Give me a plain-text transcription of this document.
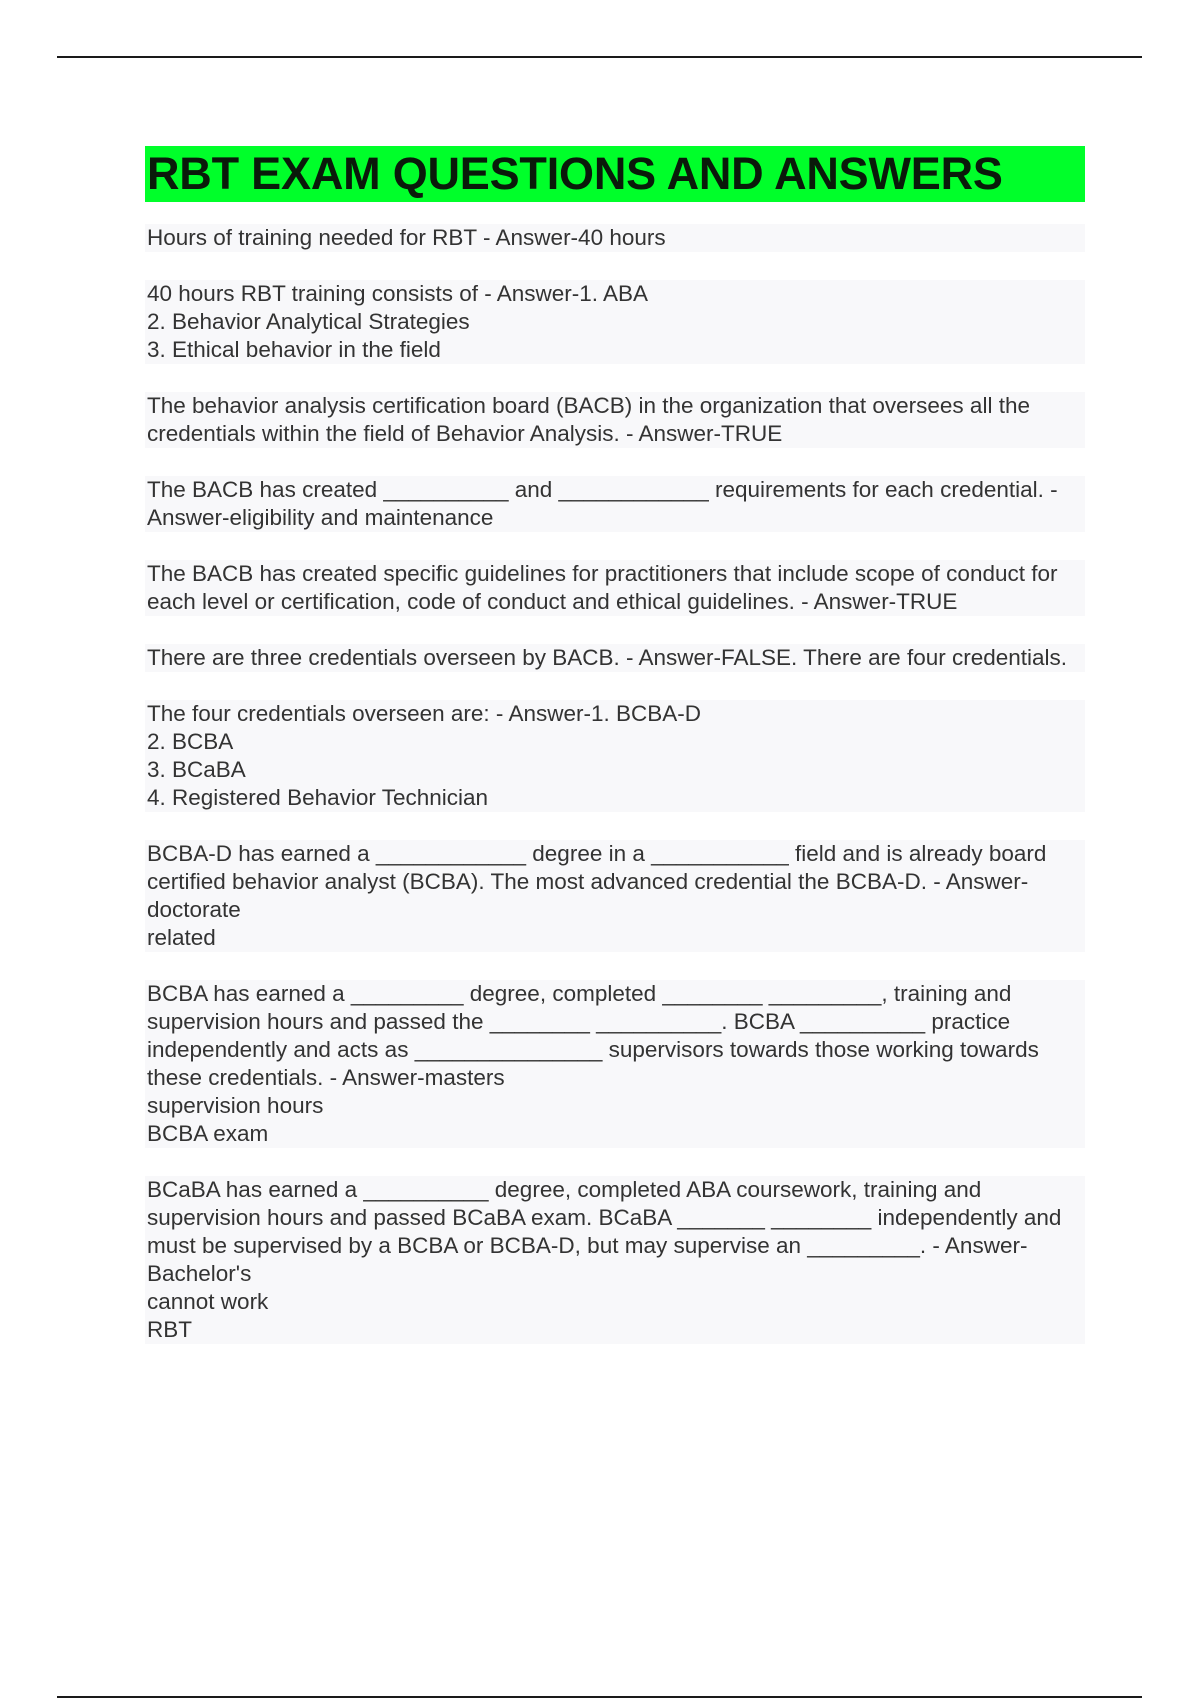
RBT EXAM QUESTIONS AND ANSWERS
Hours of training needed for RBT - Answer-40 hours
40 hours RBT training consists of - Answer-1. ABA
2. Behavior Analytical Strategies
3. Ethical behavior in the field
The behavior analysis certification board (BACB) in the organization that oversees all the credentials within the field of Behavior Analysis. - Answer-TRUE
The BACB has created __________ and ____________ requirements for each credential. - Answer-eligibility and maintenance
The BACB has created specific guidelines for practitioners that include scope of conduct for each level or certification, code of conduct and ethical guidelines. - Answer-TRUE
There are three credentials overseen by BACB. - Answer-FALSE. There are four credentials.
The four credentials overseen are: - Answer-1. BCBA-D
2. BCBA
3. BCaBA
4. Registered Behavior Technician
BCBA-D has earned a ____________ degree in a ___________ field and is already board certified behavior analyst (BCBA). The most advanced credential the BCBA-D. - Answer-doctorate
related
BCBA has earned a _________ degree, completed ________ _________, training and supervision hours and passed the ________ __________. BCBA __________ practice independently and acts as _______________ supervisors towards those working towards these credentials. - Answer-masters
supervision hours
BCBA exam
BCaBA has earned a __________ degree, completed ABA coursework, training and supervision hours and passed BCaBA exam. BCaBA _______ ________ independently and must be supervised by a BCBA or BCBA-D, but may supervise an _________. - Answer-Bachelor's
cannot work
RBT
